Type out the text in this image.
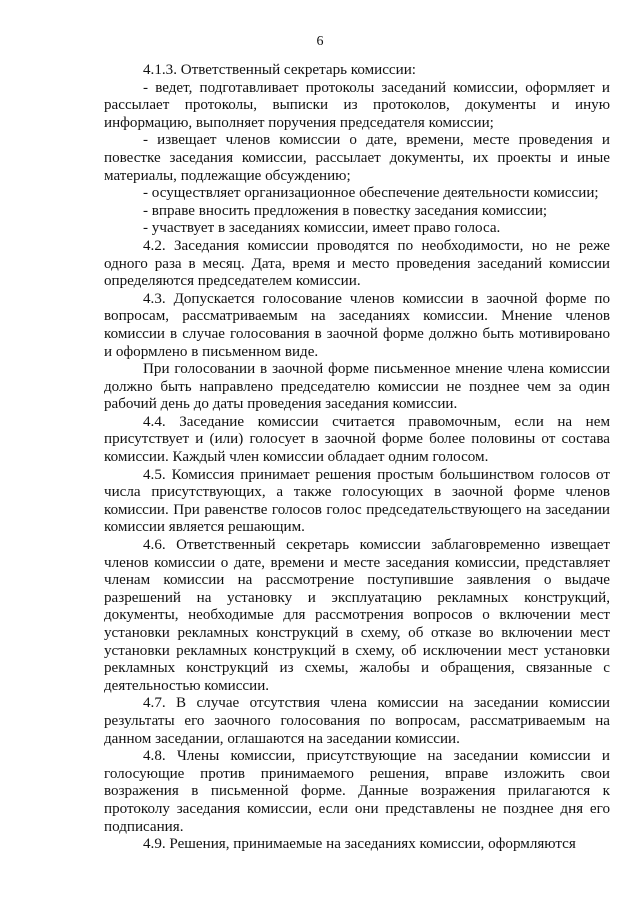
6

4.1.3. Ответственный секретарь комиссии:

- ведет, подготавливает протоколы заседаний комиссии, оформляет и рассылает протоколы, выписки из протоколов, документы и иную информацию, выполняет поручения председателя комиссии;

- извещает членов комиссии о дате, времени, месте проведения и повестке заседания комиссии, рассылает документы, их проекты и иные материалы, подлежащие обсуждению;

- осуществляет организационное обеспечение деятельности комиссии;

- вправе вносить предложения в повестку заседания комиссии;

- участвует в заседаниях комиссии, имеет право голоса.

4.2. Заседания комиссии проводятся по необходимости, но не реже одного раза в месяц. Дата, время и место проведения заседаний комиссии определяются председателем комиссии.

4.3. Допускается голосование членов комиссии в заочной форме по вопросам, рассматриваемым на заседаниях комиссии. Мнение членов комиссии в случае голосования в заочной форме должно быть мотивировано и оформлено в письменном виде.

При голосовании в заочной форме письменное мнение члена комиссии должно быть направлено председателю комиссии не позднее чем за один рабочий день до даты проведения заседания комиссии.

4.4. Заседание комиссии считается правомочным, если на нем присутствует и (или) голосует в заочной форме более половины от состава комиссии. Каждый член комиссии обладает одним голосом.

4.5. Комиссия принимает решения простым большинством голосов от числа присутствующих, а также голосующих в заочной форме членов комиссии. При равенстве голосов голос председательствующего на заседании комиссии является решающим.

4.6. Ответственный секретарь комиссии заблаговременно извещает членов комиссии о дате, времени и месте заседания комиссии, представляет членам комиссии на рассмотрение поступившие заявления о выдаче разрешений на установку и эксплуатацию рекламных конструкций, документы, необходимые для рассмотрения вопросов о включении мест установки рекламных конструкций в схему, об отказе во включении мест установки рекламных конструкций в схему, об исключении мест установки рекламных конструкций из схемы, жалобы и обращения, связанные с деятельностью комиссии.

4.7. В случае отсутствия члена комиссии на заседании комиссии результаты его заочного голосования по вопросам, рассматриваемым на данном заседании, оглашаются на заседании комиссии.

4.8. Члены комиссии, присутствующие на заседании комиссии и голосующие против принимаемого решения, вправе изложить свои возражения в письменной форме. Данные возражения прилагаются к протоколу заседания комиссии, если они представлены не позднее дня его подписания.

4.9. Решения, принимаемые на заседаниях комиссии, оформляются
